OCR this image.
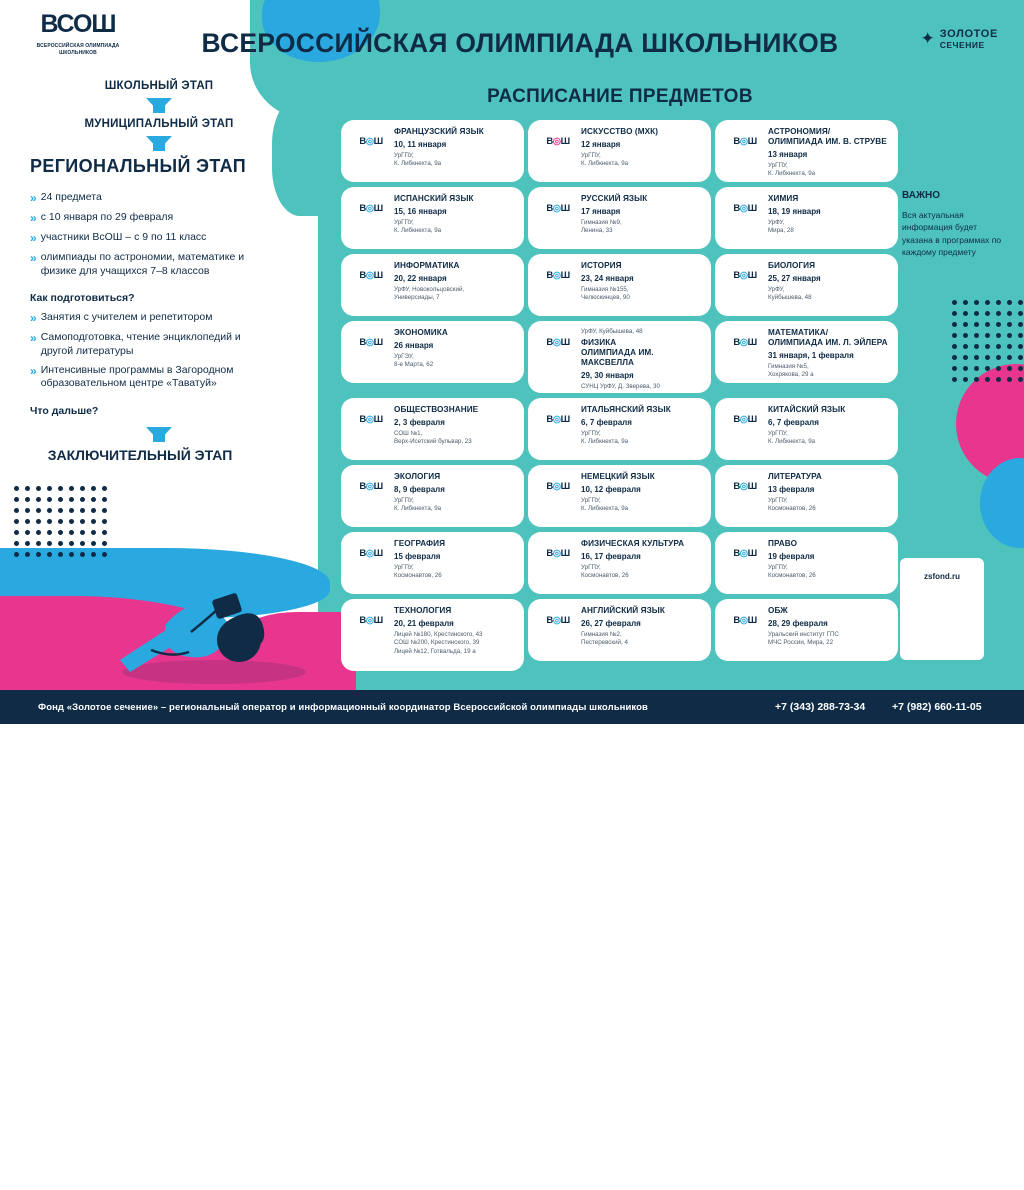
ВСОШ
ВСЕРОССИЙСКАЯ ОЛИМПИАДА ШКОЛЬНИКОВ	ВСЕРОССИЙСКАЯ ОЛИМПИАДА ШКОЛЬНИКОВ	✦ ЗОЛОТОЕ
СЕЧЕНИЕ
ШКОЛЬНЫЙ ЭТАП
МУНИЦИПАЛЬНЫЙ ЭТАП
РЕГИОНАЛЬНЫЙ ЭТАП
» 24 предмета
» с 10 января по 29 февраля
» участники ВсОШ – с 9 по 11 класс
» олимпиады по астрономии, математике и физике для учащихся 7–8 классов
Как подготовиться?
» Занятия с учителем и репетитором
» Самоподготовка, чтение энциклопедий и другой литературы
» Интенсивные программы в Загородном образовательном центре «Таватуй»
Что дальше?
ЗАКЛЮЧИТЕЛЬНЫЙ ЭТАП
РАСПИСАНИЕ ПРЕДМЕТОВ
В◎Ш
ФРАНЦУЗСКИЙ ЯЗЫК
10, 11 января
УрГПУ,
К. Либкнехта, 9а
В◎Ш
ИСКУССТВО (МХК)
12 января
УрГПУ,
К. Либкнехта, 9а
В◎Ш
АСТРОНОМИЯ/
ОЛИМПИАДА ИМ. В. СТРУВЕ
13 января
УрГПУ,
К. Либкнехта, 9а
В◎Ш
ИСПАНСКИЙ ЯЗЫК
15, 16 января
УрГПУ,
К. Либкнехта, 9а
В◎Ш
РУССКИЙ ЯЗЫК
17 января
Гимназия №9,
Ленина, 33
В◎Ш
ХИМИЯ
18, 19 января
УрФУ,
Мира, 28
В◎Ш
ИНФОРМАТИКА
20, 22 января
УрФУ, Новокольцовский,
Универсиады, 7
В◎Ш
ИСТОРИЯ
23, 24 января
Гимназия №155,
Челюскинцев, 90
В◎Ш
БИОЛОГИЯ
25, 27 января
УрФУ,
Куйбышева, 48
В◎Ш
ЭКОНОМИКА
26 января
УрГЭУ,
8-е Марта, 62
В◎Ш
УрФУ, Куйбышева, 48
ФИЗИКА
ОЛИМПИАДА ИМ. МАКСВЕЛЛА
29, 30 января
СУНЦ УрФУ, Д. Зверева, 30
В◎Ш
МАТЕМАТИКА/
ОЛИМПИАДА ИМ. Л. ЭЙЛЕРА
31 января, 1 февраля
Гимназия №5,
Хохрякова, 29 а
В◎Ш
ОБЩЕСТВОЗНАНИЕ
2, 3 февраля
СОШ №1,
Верх-Исетский бульвар, 23
В◎Ш
ИТАЛЬЯНСКИЙ ЯЗЫК
6, 7 февраля
УрГПУ,
К. Либкнехта, 9а
В◎Ш
КИТАЙСКИЙ ЯЗЫК
6, 7 февраля
УрГПУ,
К. Либкнехта, 9а
В◎Ш
ЭКОЛОГИЯ
8, 9 февраля
УрГПУ,
К. Либкнехта, 9а
В◎Ш
НЕМЕЦКИЙ ЯЗЫК
10, 12 февраля
УрГПУ,
К. Либкнехта, 9а
В◎Ш
ЛИТЕРАТУРА
13 февраля
УрГПУ,
Космонавтов, 26
В◎Ш
ГЕОГРАФИЯ
15 февраля
УрГПУ,
Космонавтов, 26
В◎Ш
ФИЗИЧЕСКАЯ КУЛЬТУРА
16, 17 февраля
УрГПУ,
Космонавтов, 26
В◎Ш
ПРАВО
19 февраля
УрГПУ,
Космонавтов, 26
В◎Ш
ТЕХНОЛОГИЯ
20, 21 февраля
Лицей №180, Крестинского, 43
СОШ №200, Крестинского, 39
Лицей №12, Готвальда, 19 а
В◎Ш
АНГЛИЙСКИЙ ЯЗЫК
26, 27 февраля
Гимназия №2,
Пестеревский, 4
В◎Ш
ОБЖ
28, 29 февраля
Уральский институт ГПС
МЧС России, Мира, 22
ВАЖНО
Вся актуальная информация будет указана в программах по каждому предмету
zsfond.ru
Фонд «Золотое сечение» – региональный оператор и информационный координатор Всероссийской олимпиады школьников	+7 (343) 288-73-34	+7 (982) 660-11-05
